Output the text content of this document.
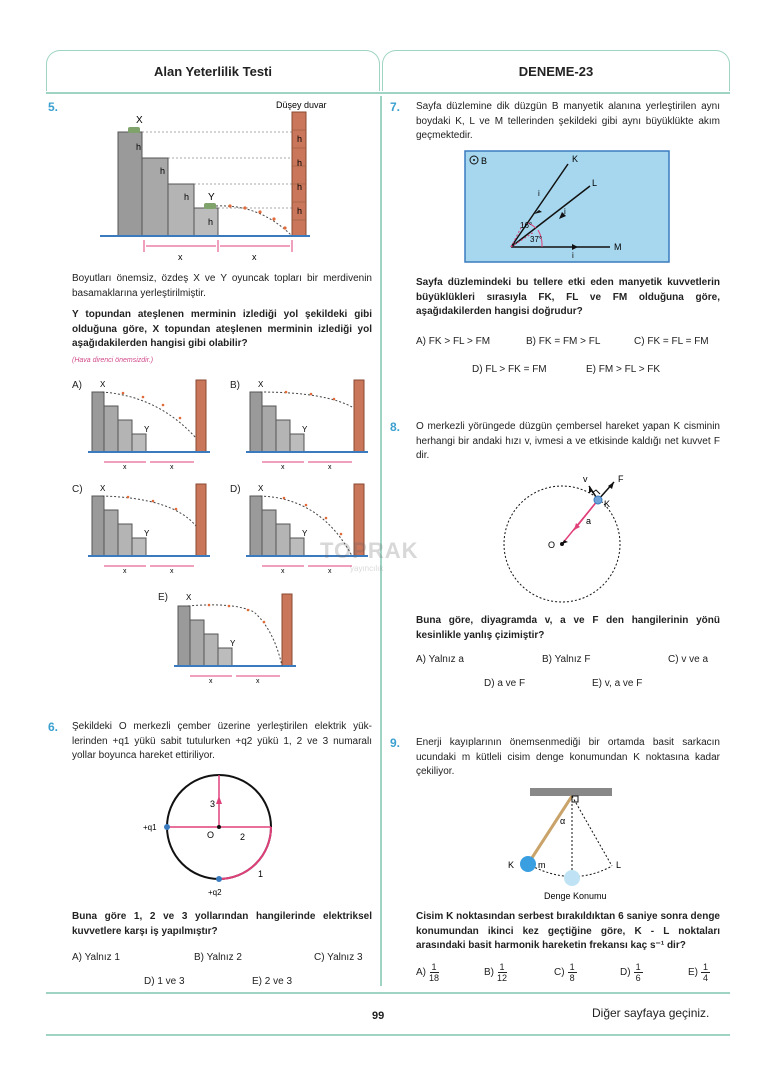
Alan Yeterlilik Testi	DENEME-23
5.	Düşey duvar
X
Y
h
h
h
h
h
h
h
h
x	x
Boyutları önemsiz, özdeş X ve Y oyuncak topları bir merdivenin basamaklarına yerleştirilmiştir.
Y topundan ateşlenen merminin izlediği yol şekildeki gibi olduğuna göre, X topundan ateşlenen merminin izlediği yol aşağıdakilerden hangisi gibi olabilir?
(Hava direnci önemsizdir.)
A) X
Y
x	x
B) X
Y
x	x
C) X
Y
x	x
D) X
Y
x	x
E) X
Y
x	x
TOPRAK
yayıncılık
6. Şekildeki O merkezli çember üzerine yerleştirilen elektrik yüklerinden +q1 yükü sabit tutulurken +q2 yükü 1, 2 ve 3 numaralı yollar boyunca hareket ettiriliyor.
+q1
+q2
O
3
2
1
Buna göre 1, 2 ve 3 yollarından hangilerinde elektriksel kuvvetlere karşı iş yapılmıştır?
A) Yalnız 1	B) Yalnız 2	C) Yalnız 3
D) 1 ve 3	E) 2 ve 3
7. Sayfa düzlemine dik düzgün B manyetik alanına yerleştirilen aynı boydaki K, L ve M tellerinden şekildeki gibi aynı büyüklükte akım geçmektedir.
B	K
L
M
i
i
i
16°
37°
Sayfa düzlemindeki bu tellere etki eden manyetik kuvvetlerin büyüklükleri sırasıyla FK, FL ve FM olduğuna göre, aşağıdakilerden hangisi doğrudur?
A) FK > FL > FM	B) FK = FM > FL	C) FK = FL = FM
D) FL > FK = FM	E) FM > FL > FK
8. O merkezli yörüngede düzgün çembersel hareket yapan K cisminin herhangi bir andaki hızı v, ivmesi a ve etkisinde kaldığı net kuvvet F dir.
O
K
v	F
a
Buna göre, diyagramda v, a ve F den hangilerinin yönü kesinlikle yanlış çizimiştir?
A) Yalnız a	B) Yalnız F	C) v ve a
D) a ve F	E) v, a ve F
9. Enerji kayıplarının önemsenmediği bir ortamda basit sarkacın ucundaki m kütleli cisim denge konumundan K noktasına kadar çekiliyor.
α
K	m	L
Denge Konumu
Cisim K noktasından serbest bırakıldıktan 6 saniye sonra denge konumundan ikinci kez geçtiğine göre, K - L noktaları arasındaki basit harmonik hareketin frekansı kaç s⁻¹ dir?
A) 1
18	B) 1
12	C) 1
8	D) 1
6	E) 1
4
99	Diğer sayfaya geçiniz.
